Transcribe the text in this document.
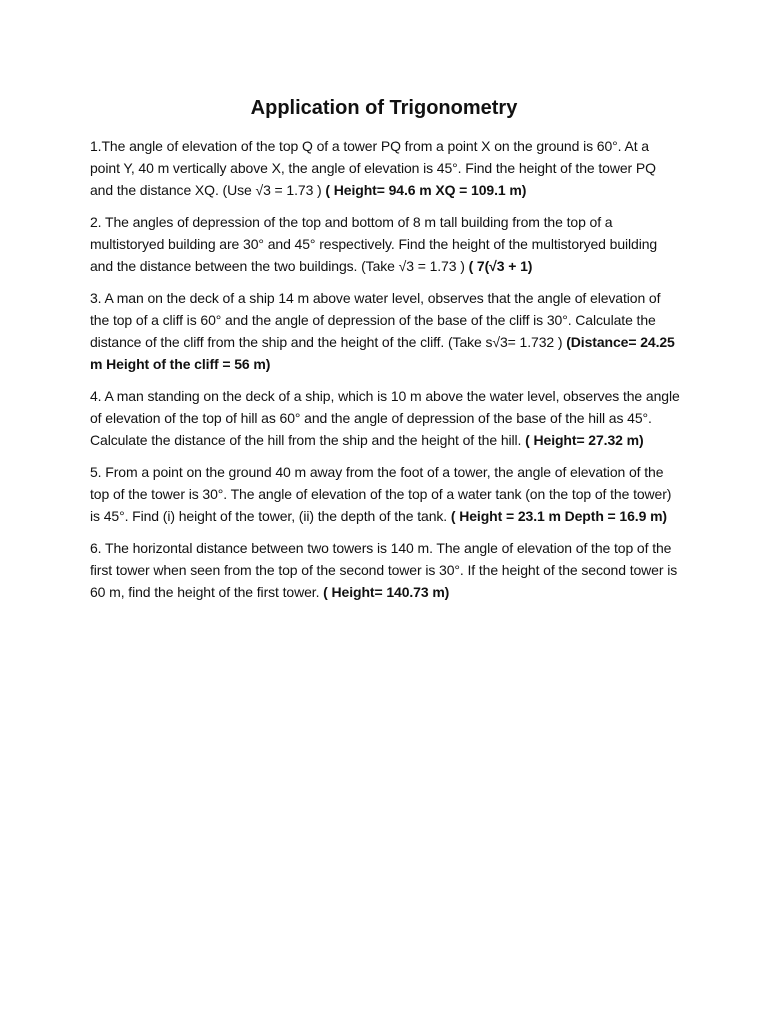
Application of Trigonometry

1.The angle of elevation of the top Q of a tower PQ from a point X on the ground is 60°. At a point Y, 40 m vertically above X, the angle of elevation is 45°. Find the height of the tower PQ and the distance XQ. (Use √3 = 1.73 ) ( Height= 94.6 m XQ = 109.1 m)

2. The angles of depression of the top and bottom of 8 m tall building from the top of a multistoryed building are 30° and 45° respectively. Find the height of the multistoryed building and the distance between the two buildings. (Take √3 = 1.73 ) ( 7(√3 + 1)

3. A man on the deck of a ship 14 m above water level, observes that the angle of elevation of the top of a cliff is 60° and the angle of depression of the base of the cliff is 30°. Calculate the distance of the cliff from the ship and the height of the cliff. (Take s√3= 1.732 ) (Distance= 24.25 m Height of the cliff = 56 m)

4. A man standing on the deck of a ship, which is 10 m above the water level, observes the angle of elevation of the top of hill as 60° and the angle of depression of the base of the hill as 45°. Calculate the distance of the hill from the ship and the height of the hill. ( Height= 27.32 m)

5. From a point on the ground 40 m away from the foot of a tower, the angle of elevation of the top of the tower is 30°. The angle of elevation of the top of a water tank (on the top of the tower) is 45°. Find (i) height of the tower, (ii) the depth of the tank. ( Height = 23.1 m Depth = 16.9 m)

6. The horizontal distance between two towers is 140 m. The angle of elevation of the top of the first tower when seen from the top of the second tower is 30°. If the height of the second tower is 60 m, find the height of the first tower. ( Height= 140.73 m)
